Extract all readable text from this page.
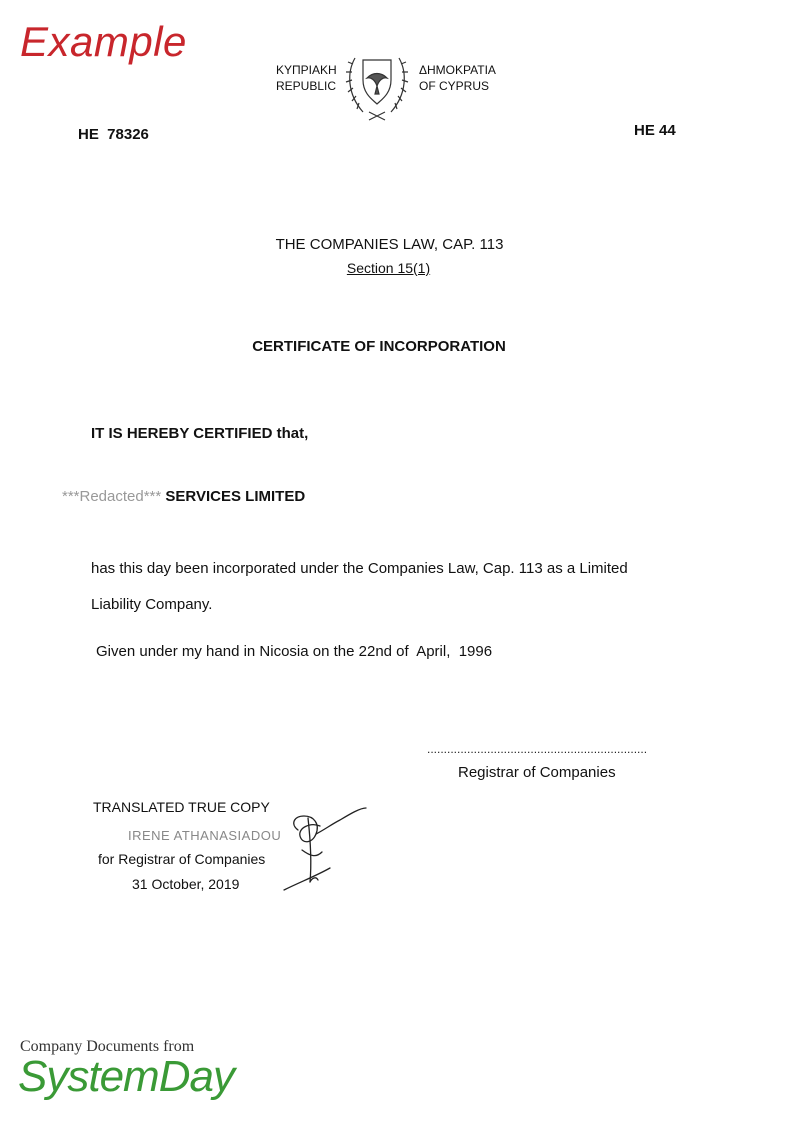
Example
ΚΥΠΡΙΑΚΗ
REPUBLIC
ΔΗΜΟΚΡΑΤΙΑ
OF CYPRUS
HE  78326	HE 44
THE COMPANIES LAW, CAP. 113
Section 15(1)
CERTIFICATE OF INCORPORATION
IT IS HEREBY CERTIFIED that,
***Redacted*** SERVICES LIMITED
has this day been incorporated under the Companies Law, Cap. 113 as a Limited
Liability Company.
Given under my hand in Nicosia on the 22nd of  April,  1996
..................................................................
Registrar of Companies
TRANSLATED TRUE COPY
IRENE ATHANASIADOU
for Registrar of Companies
31 October, 2019
Company Documents from
SystemDay
